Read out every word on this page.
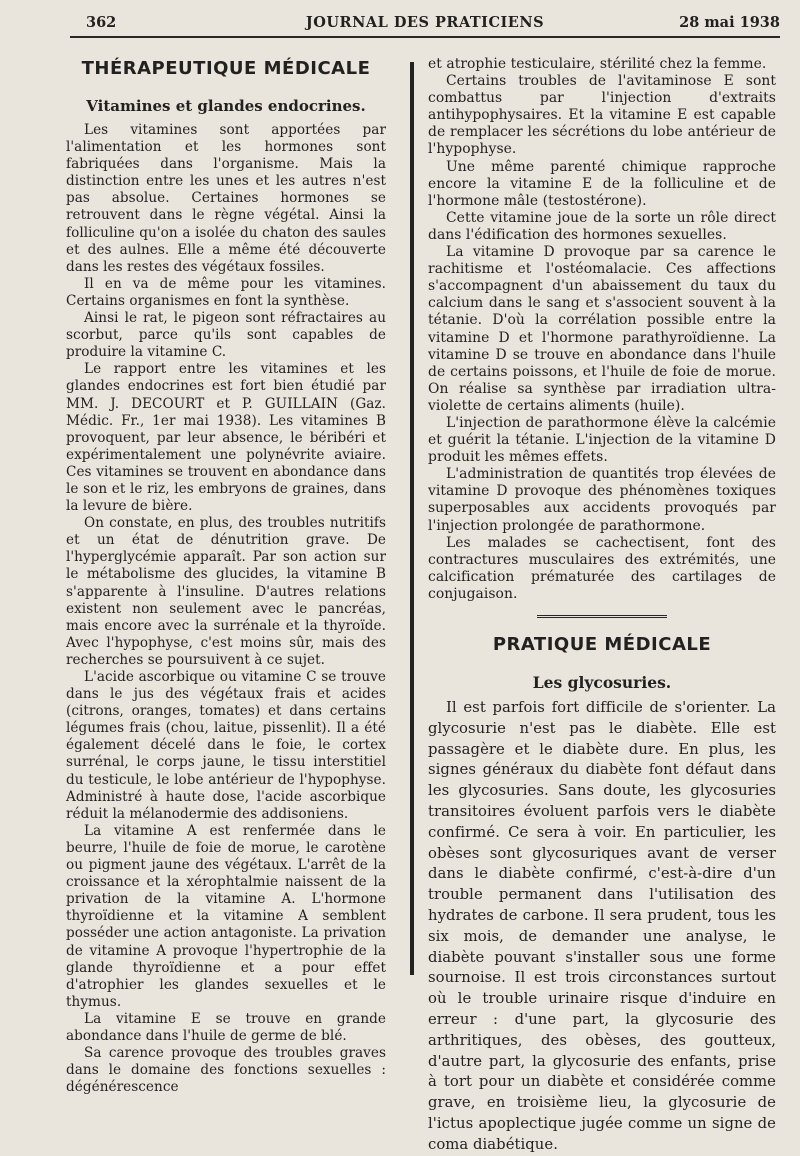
JOURNAL DES PRATICIENS
362	28 mai 1938
THÉRAPEUTIQUE MÉDICALE
Vitamines et glandes endocrines.

Les vitamines sont apportées par l'alimentation et les hormones sont fabriquées dans l'organisme. Mais la distinction entre les unes et les autres n'est pas absolue. Certaines hormones se retrouvent dans le règne végétal. Ainsi la folliculine qu'on a isolée du chaton des saules et des aulnes. Elle a même été découverte dans les restes des végétaux fossiles.

Il en va de même pour les vitamines. Certains organismes en font la synthèse.

Ainsi le rat, le pigeon sont réfractaires au scorbut, parce qu'ils sont capables de produire la vitamine C.

Le rapport entre les vitamines et les glandes endocrines est fort bien étudié par MM. J. DECOURT et P. GUILLAIN (Gaz. Médic. Fr., 1er mai 1938). Les vitamines B provoquent, par leur absence, le béribéri et expérimentalement une polynévrite aviaire. Ces vitamines se trouvent en abondance dans le son et le riz, les embryons de graines, dans la levure de bière.

On constate, en plus, des troubles nutritifs et un état de dénutrition grave. De l'hyperglycémie apparaît. Par son action sur le métabolisme des glucides, la vitamine B s'apparente à l'insuline. D'autres relations existent non seulement avec le pancréas, mais encore avec la surrénale et la thyroïde. Avec l'hypophyse, c'est moins sûr, mais des recherches se poursuivent à ce sujet.

L'acide ascorbique ou vitamine C se trouve dans le jus des végétaux frais et acides (citrons, oranges, tomates) et dans certains légumes frais (chou, laitue, pissenlit). Il a été également décelé dans le foie, le cortex surrénal, le corps jaune, le tissu interstitiel du testicule, le lobe antérieur de l'hypophyse. Administré à haute dose, l'acide ascorbique réduit la mélanodermie des addisoniens.

La vitamine A est renfermée dans le beurre, l'huile de foie de morue, le carotène ou pigment jaune des végétaux. L'arrêt de la croissance et la xérophtalmie naissent de la privation de la vitamine A. L'hormone thyroïdienne et la vitamine A semblent posséder une action antagoniste. La privation de vitamine A provoque l'hypertrophie de la glande thyroïdienne et a pour effet d'atrophier les glandes sexuelles et le thymus.

La vitamine E se trouve en grande abondance dans l'huile de germe de blé.

Sa carence provoque des troubles graves dans le domaine des fonctions sexuelles : dégénérescence

et atrophie testiculaire, stérilité chez la femme.

Certains troubles de l'avitaminose E sont combattus par l'injection d'extraits antihypophysaires. Et la vitamine E est capable de remplacer les sécrétions du lobe antérieur de l'hypophyse.

Une même parenté chimique rapproche encore la vitamine E de la folliculine et de l'hormone mâle (testostérone).

Cette vitamine joue de la sorte un rôle direct dans l'édification des hormones sexuelles.

La vitamine D provoque par sa carence le rachitisme et l'ostéomalacie. Ces affections s'accompagnent d'un abaissement du taux du calcium dans le sang et s'associent souvent à la tétanie. D'où la corrélation possible entre la vitamine D et l'hormone parathyroïdienne. La vitamine D se trouve en abondance dans l'huile de certains poissons, et l'huile de foie de morue. On réalise sa synthèse par irradiation ultra-violette de certains aliments (huile).

L'injection de parathormone élève la calcémie et guérit la tétanie. L'injection de la vitamine D produit les mêmes effets.

L'administration de quantités trop élevées de vitamine D provoque des phénomènes toxiques superposables aux accidents provoqués par l'injection prolongée de parathormone.

Les malades se cachectisent, font des contractures musculaires des extrémités, une calcification prématurée des cartilages de conjugaison.

PRATIQUE MÉDICALE
Les glycosuries.

Il est parfois fort difficile de s'orienter. La glycosurie n'est pas le diabète. Elle est passagère et le diabète dure. En plus, les signes généraux du diabète font défaut dans les glycosuries. Sans doute, les glycosuries transitoires évoluent parfois vers le diabète confirmé. Ce sera à voir. En particulier, les obèses sont glycosuriques avant de verser dans le diabète confirmé, c'est-à-dire d'un trouble permanent dans l'utilisation des hydrates de carbone. Il sera prudent, tous les six mois, de demander une analyse, le diabète pouvant s'installer sous une forme sournoise. Il est trois circonstances surtout où le trouble urinaire risque d'induire en erreur : d'une part, la glycosurie des arthritiques, des obèses, des goutteux, d'autre part, la glycosurie des enfants, prise à tort pour un diabète et considérée comme grave, en troisième lieu, la glycosurie de l'ictus apoplectique jugée comme un signe de coma diabétique.
